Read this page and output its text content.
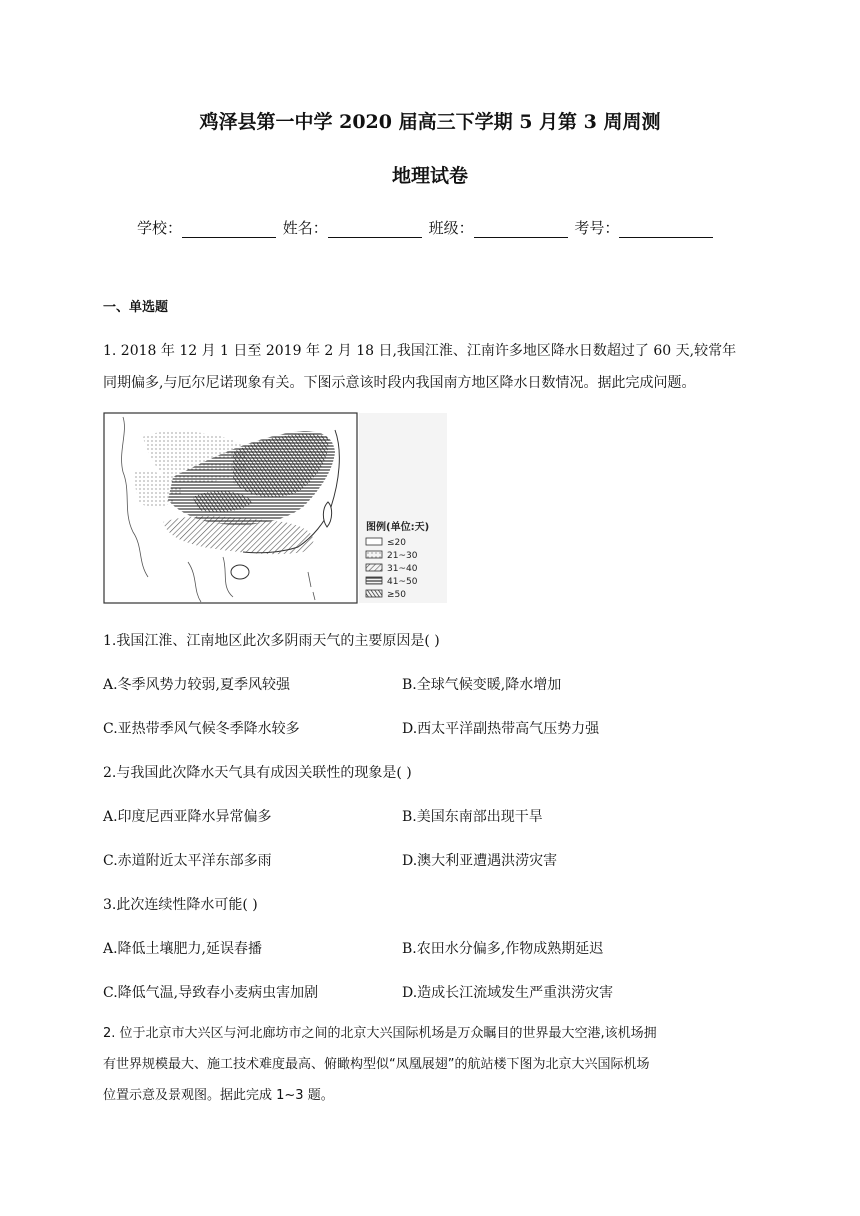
鸡泽县第一中学 2020 届高三下学期 5 月第 3 周周测
地理试卷
学校：	姓名：	班级：	考号：
一、单选题
1. 2018 年 12 月 1 日至 2019 年 2 月 18 日,我国江淮、江南许多地区降水日数超过了 60 天,较常年
同期偏多,与厄尔尼诺现象有关。下图示意该时段内我国南方地区降水日数情况。据此完成问题。
图例(单位:天)
≤20
21~30
31~40
41~50
≥50
1.我国江淮、江南地区此次多阴雨天气的主要原因是( )
A.冬季风势力较弱,夏季风较强	B.全球气候变暖,降水增加
C.亚热带季风气候冬季降水较多	D.西太平洋副热带高气压势力强
2.与我国此次降水天气具有成因关联性的现象是( )
A.印度尼西亚降水异常偏多	B.美国东南部出现干旱
C.赤道附近太平洋东部多雨	D.澳大利亚遭遇洪涝灾害
3.此次连续性降水可能( )
A.降低土壤肥力,延误春播	B.农田水分偏多,作物成熟期延迟
C.降低气温,导致春小麦病虫害加剧	D.造成长江流域发生严重洪涝灾害
2. 位于北京市大兴区与河北廊坊市之间的北京大兴国际机场是万众瞩目的世界最大空港,该机场拥
有世界规模最大、施工技术难度最高、俯瞰构型似“凤凰展翅”的航站楼下图为北京大兴国际机场
位置示意及景观图。据此完成 1~3 题。
